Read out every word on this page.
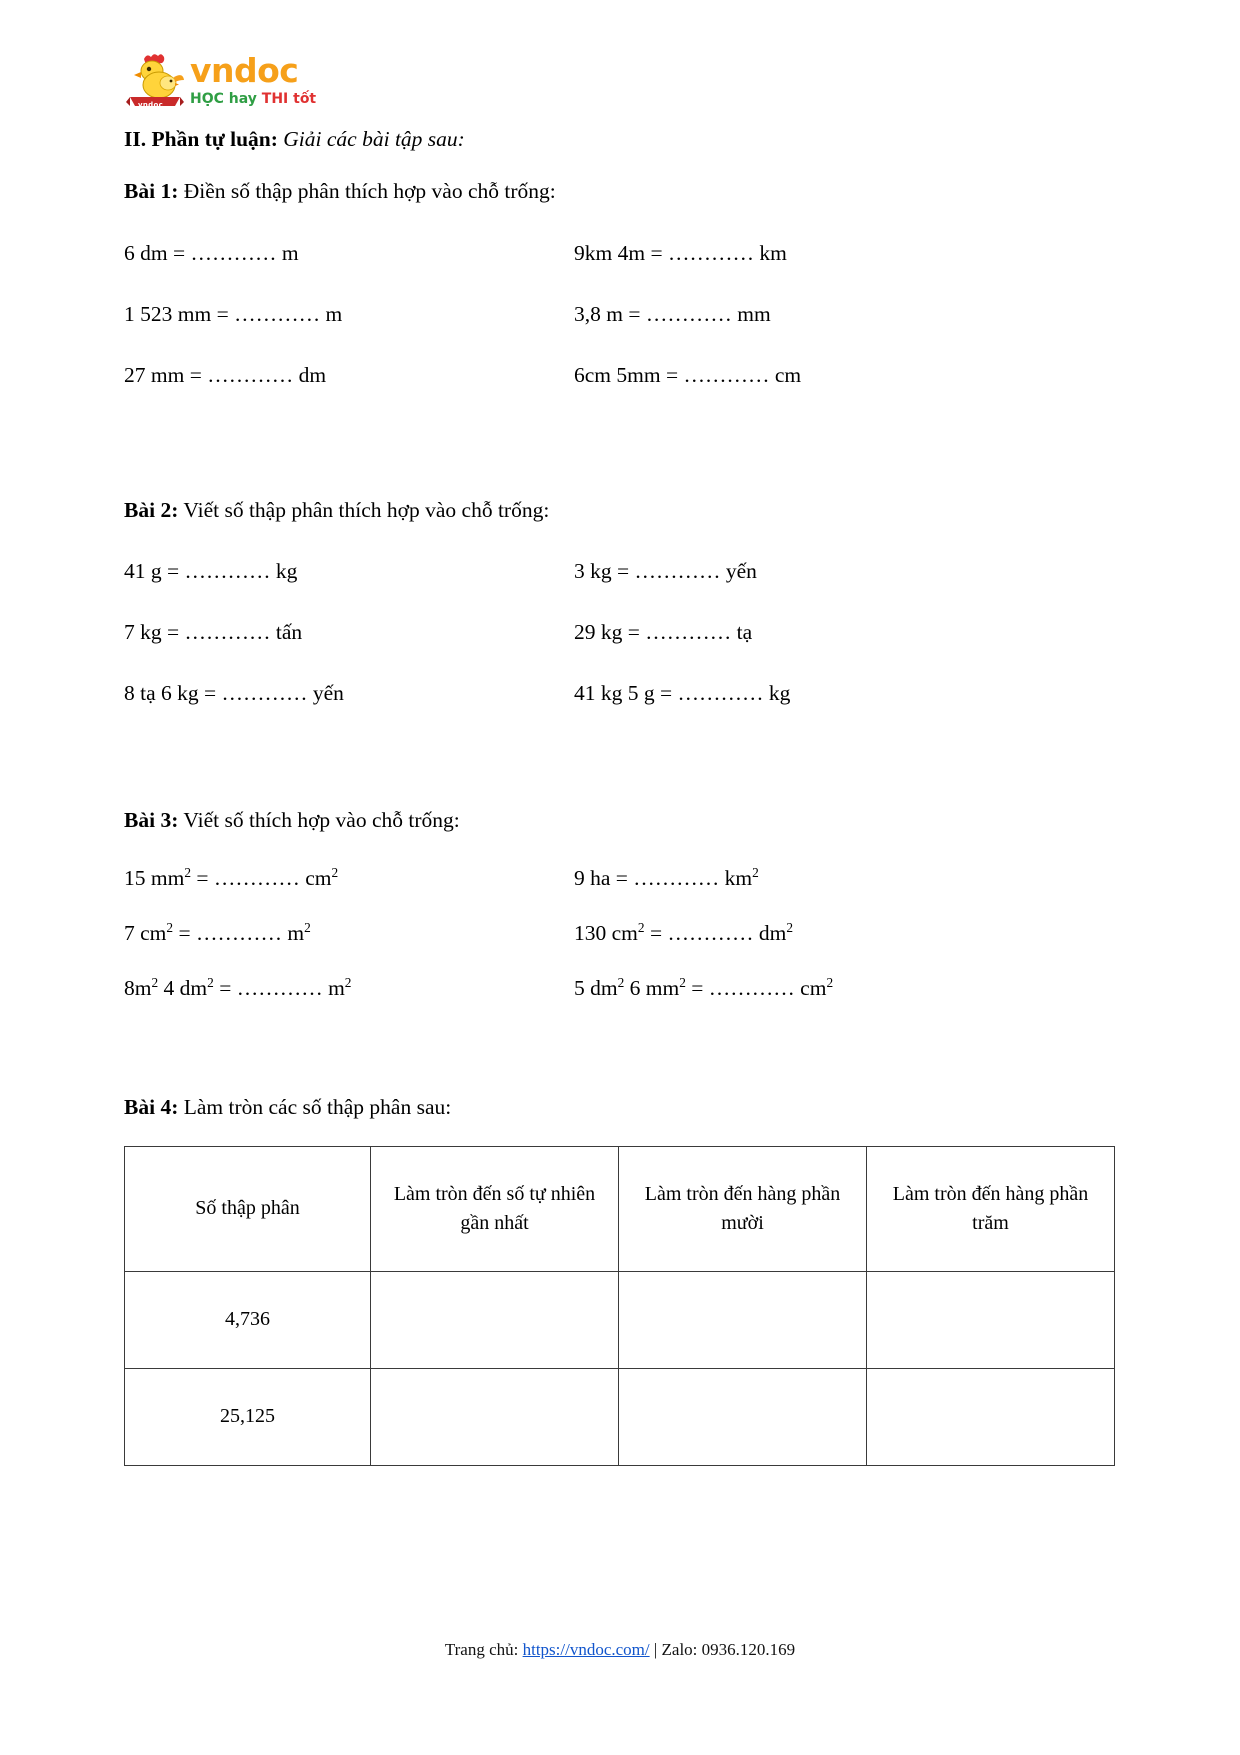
vndoc
vndoc
HỌC hay THI tốt

II. Phần tự luận: Giải các bài tập sau:

Bài 1: Điền số thập phân thích hợp vào chỗ trống:

6 dm = ………… m	9km 4m = ………… km
1 523 mm = ………… m	3,8 m = ………… mm
27 mm = ………… dm	6cm 5mm = ………… cm

Bài 2: Viết số thập phân thích hợp vào chỗ trống:

41 g = ………… kg	3 kg = ………… yến
7 kg = ………… tấn	29 kg = ………… tạ
8 tạ 6 kg = ………… yến	41 kg 5 g = ………… kg

Bài 3: Viết số thích hợp vào chỗ trống:

15 $mm^2$ = ………… $cm^2$	9 ha = ………… $km^2$
7 $cm^2$ = ………… $m^2$	130 $cm^2$ = ………… $dm^2$
$8m^2$ 4 $dm^2$ = ………… $m^2$	5 $dm^2$ 6 $mm^2$ = ………… $cm^2$

Bài 4: Làm tròn các số thập phân sau:

Số thập phân	Làm tròn đến số tự nhiên gần nhất	Làm tròn đến hàng phần mười	Làm tròn đến hàng phần trăm
4,736			
25,125			
Trang chủ: https://vndoc.com/ | Zalo: 0936.120.169
